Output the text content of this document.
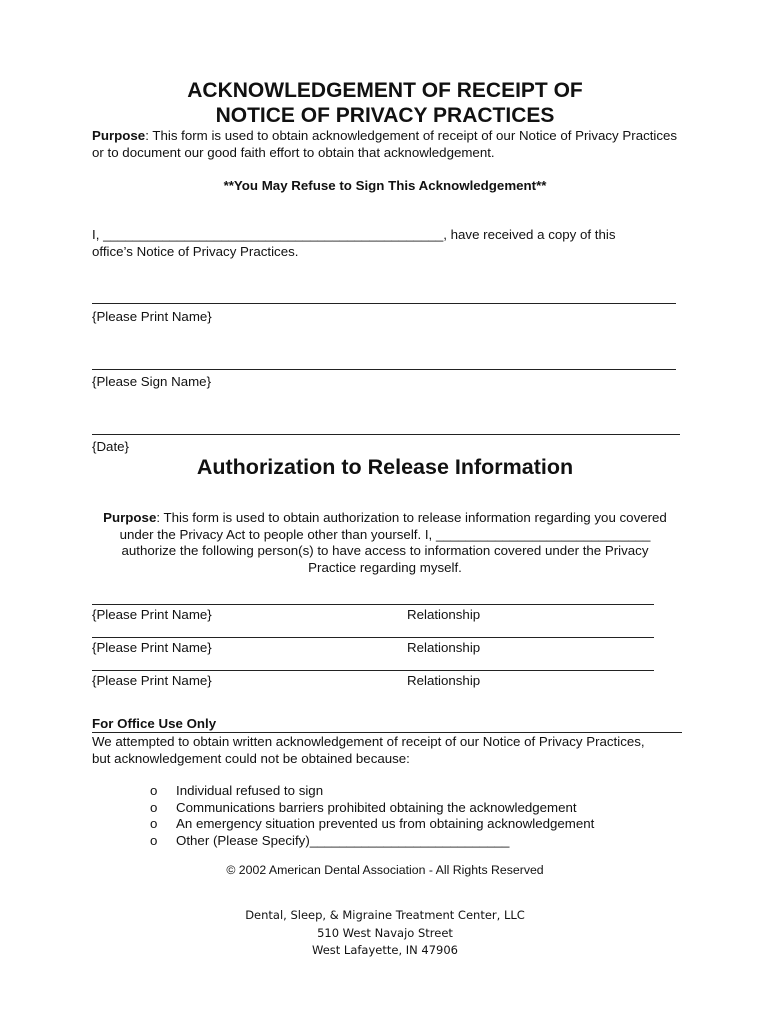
ACKNOWLEDGEMENT OF RECEIPT OF
NOTICE OF PRIVACY PRACTICES
Purpose: This form is used to obtain acknowledgement of receipt of our Notice of Privacy Practices or to document our good faith effort to obtain that acknowledgement.
**You May Refuse to Sign This Acknowledgement**
I, ______________________________________________, have received a copy of this
office’s Notice of Privacy Practices.
{Please Print Name}
{Please Sign Name}
{Date}
Authorization to Release Information
Purpose: This form is used to obtain authorization to release information regarding you covered
under the Privacy Act to people other than yourself. I, _____________________________
authorize the following person(s) to have access to information covered under the Privacy
Practice regarding myself.
{Please Print Name}	Relationship
{Please Print Name}	Relationship
{Please Print Name}	Relationship
For Office Use Only
We attempted to obtain written acknowledgement of receipt of our Notice of Privacy Practices,
but acknowledgement could not be obtained because:
o Individual refused to sign
o Communications barriers prohibited obtaining the acknowledgement
o An emergency situation prevented us from obtaining acknowledgement
o Other (Please Specify)___________________________
© 2002 American Dental Association - All Rights Reserved
Dental, Sleep, & Migraine Treatment Center, LLC
510 West Navajo Street
West Lafayette, IN 47906
